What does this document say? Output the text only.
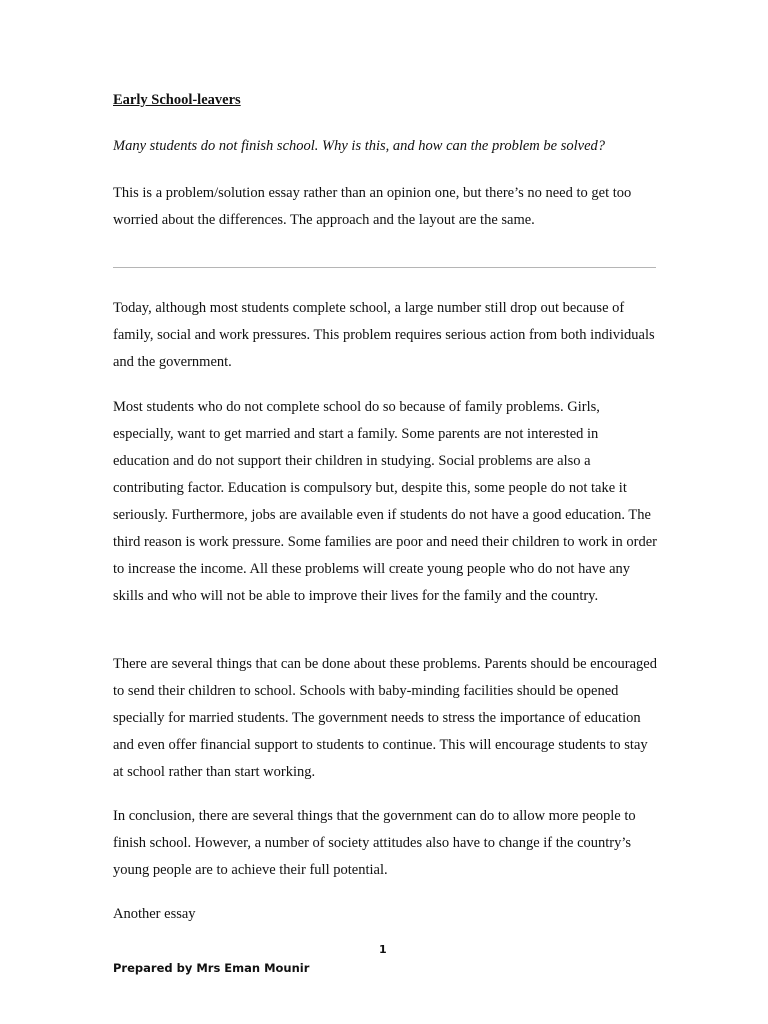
Early School-leavers
Many students do not finish school. Why is this, and how can the problem be solved?
This is a problem/solution essay rather than an opinion one, but there’s no need to get too worried about the differences. The approach and the layout are the same.

Today, although most students complete school, a large number still drop out because of family, social and work pressures. This problem requires serious action from both individuals and the government.

Most students who do not complete school do so because of family problems. Girls, especially, want to get married and start a family. Some parents are not interested in education and do not support their children in studying. Social problems are also a contributing factor. Education is compulsory but, despite this, some people do not take it seriously. Furthermore, jobs are available even if students do not have a good education. The third reason is work pressure. Some families are poor and need their children to work in order to increase the income. All these problems will create young people who do not have any skills and who will not be able to improve their lives for the family and the country.

There are several things that can be done about these problems. Parents should be encouraged to send their children to school. Schools with baby-minding facilities should be opened specially for married students. The government needs to stress the importance of education and even offer financial support to students to continue. This will encourage students to stay at school rather than start working.

In conclusion, there are several things that the government can do to allow more people to finish school. However, a number of society attitudes also have to change if the country’s young people are to achieve their full potential.

Another essay
1
Prepared by Mrs Eman Mounir
